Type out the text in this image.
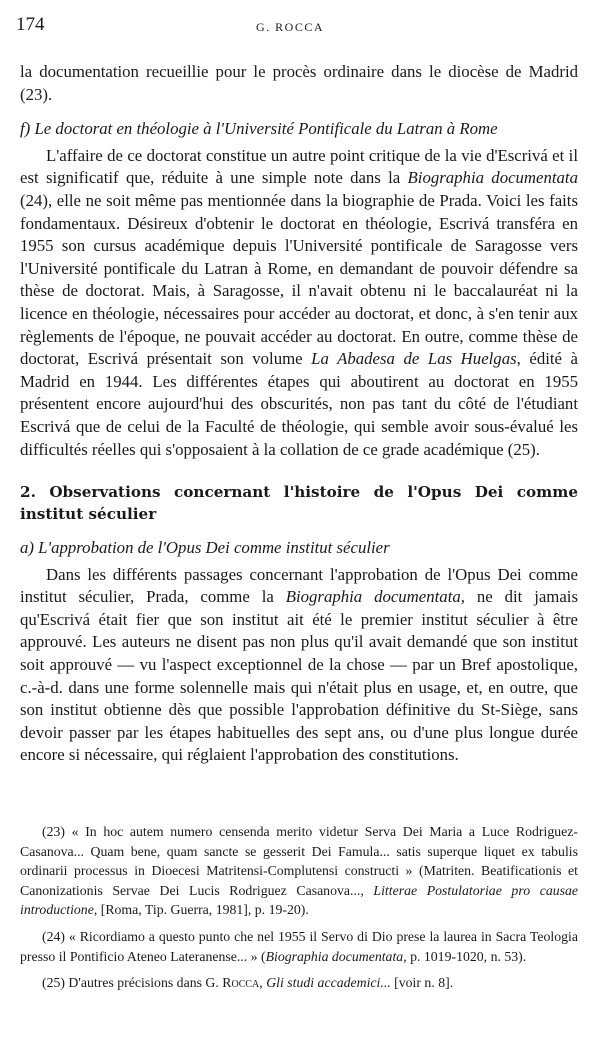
174	G. ROCCA

la documentation recueillie pour le procès ordinaire dans le diocèse de Madrid (23).

f) Le doctorat en théologie à l'Université Pontificale du Latran à Rome

L'affaire de ce doctorat constitue un autre point critique de la vie d'Escrivá et il est significatif que, réduite à une simple note dans la Biographia documentata (24), elle ne soit même pas mentionnée dans la biographie de Prada. Voici les faits fondamentaux. Désireux d'obtenir le doctorat en théologie, Escrivá transféra en 1955 son cursus académique depuis l'Université pontificale de Saragosse vers l'Université pontificale du Latran à Rome, en demandant de pouvoir défendre sa thèse de doctorat. Mais, à Saragosse, il n'avait obtenu ni le baccalauréat ni la licence en théologie, nécessaires pour accéder au doctorat, et donc, à s'en tenir aux règlements de l'époque, ne pouvait accéder au doctorat. En outre, comme thèse de doctorat, Escrivá présentait son volume La Abadesa de Las Huelgas, édité à Madrid en 1944. Les différentes étapes qui aboutirent au doctorat en 1955 présentent encore aujourd'hui des obscurités, non pas tant du côté de l'étudiant Escrivá que de celui de la Faculté de théologie, qui semble avoir sous-évalué les difficultés réelles qui s'opposaient à la collation de ce grade académique (25).

2. Observations concernant l'histoire de l'Opus Dei comme institut séculier
a) L'approbation de l'Opus Dei comme institut séculier

Dans les différents passages concernant l'approbation de l'Opus Dei comme institut séculier, Prada, comme la Biographia documentata, ne dit jamais qu'Escrivá était fier que son institut ait été le premier institut séculier à être approuvé. Les auteurs ne disent pas non plus qu'il avait demandé que son institut soit approuvé — vu l'aspect exceptionnel de la chose — par un Bref apostolique, c.-à-d. dans une forme solennelle mais qui n'était plus en usage, et, en outre, que son institut obtienne dès que possible l'approbation définitive du St-Siège, sans devoir passer par les étapes habituelles des sept ans, ou d'une plus longue durée encore si nécessaire, qui réglaient l'approbation des constitutions.

(23) « In hoc autem numero censenda merito videtur Serva Dei Maria a Luce Rodriguez-Casanova... Quam bene, quam sancte se gesserit Dei Famula... satis superque liquet ex tabulis ordinarii processus in Dioecesi Matritensi-Complutensi constructi » (Matriten. Beatificationis et Canonizationis Servae Dei Lucis Rodriguez Casanova..., Litterae Postulatoriae pro causae introductione, [Roma, Tip. Guerra, 1981], p. 19-20).

(24) « Ricordiamo a questo punto che nel 1955 il Servo di Dio prese la laurea in Sacra Teologia presso il Pontificio Ateneo Lateranense... » (Biographia documentata, p. 1019-1020, n. 53).

(25) D'autres précisions dans G. Rocca, Gli studi accademici... [voir n. 8].
